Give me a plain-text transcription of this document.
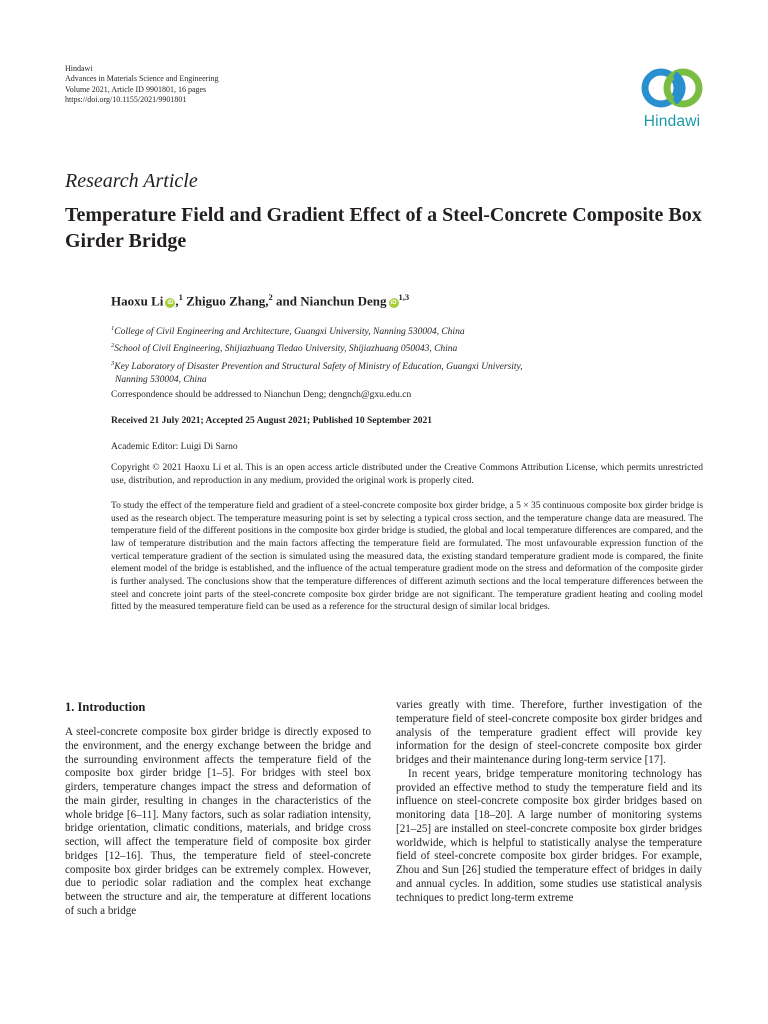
Hindawi
Advances in Materials Science and Engineering
Volume 2021, Article ID 9901801, 16 pages
https://doi.org/10.1155/2021/9901801
Hindawi
Research Article
Temperature Field and Gradient Effect of a Steel-Concrete Composite Box Girder Bridge
Haoxu Li iD ,$^1$ Zhiguo Zhang,$^2$ and Nianchun Deng iD$^{1,3}$
$^1$College of Civil Engineering and Architecture, Guangxi University, Nanning 530004, China
$^2$School of Civil Engineering, Shijiazhuang Tiedao University, Shijiazhuang 050043, China
$^3$Key Laboratory of Disaster Prevention and Structural Safety of Ministry of Education, Guangxi University,
Nanning 530004, China
Correspondence should be addressed to Nianchun Deng; dengnch@gxu.edu.cn
Received 21 July 2021; Accepted 25 August 2021; Published 10 September 2021
Academic Editor: Luigi Di Sarno

Copyright © 2021 Haoxu Li et al. This is an open access article distributed under the Creative Commons Attribution License, which permits unrestricted use, distribution, and reproduction in any medium, provided the original work is properly cited.

To study the effect of the temperature field and gradient of a steel-concrete composite box girder bridge, a 5 × 35 continuous composite box girder bridge is used as the research object. The temperature measuring point is set by selecting a typical cross section, and the temperature change data are measured. The temperature field of the different positions in the composite box girder bridge is studied, the global and local temperature differences are compared, and the law of temperature distribution and the main factors affecting the temperature field are formulated. The most unfavourable expression function of the vertical temperature gradient of the section is simulated using the measured data, the existing standard temperature gradient mode is compared, the finite element model of the bridge is established, and the influence of the actual temperature gradient mode on the stress and deformation of the composite girder is further analysed. The conclusions show that the temperature differences of different azimuth sections and the local temperature differences between the steel and concrete joint parts of the steel-concrete composite box girder bridge are not significant. The temperature gradient heating and cooling model fitted by the measured temperature field can be used as a reference for the structural design of similar local bridges.

1. Introduction

A steel-concrete composite box girder bridge is directly exposed to the environment, and the energy exchange between the bridge and the surrounding environment affects the temperature field of the composite box girder bridge [1–5]. For bridges with steel box girders, temperature changes impact the stress and deformation of the main girder, resulting in changes in the characteristics of the whole bridge [6–11]. Many factors, such as solar radiation intensity, bridge orientation, climatic conditions, materials, and bridge cross section, will affect the temperature field of composite box girder bridges [12–16]. Thus, the temperature field of steel-concrete composite box girder bridges can be extremely complex. However, due to periodic solar radiation and the complex heat exchange between the structure and air, the temperature at different locations of such a bridge

varies greatly with time. Therefore, further investigation of the temperature field of steel-concrete composite box girder bridges and analysis of the temperature gradient effect will provide key information for the design of steel-concrete composite box girder bridges and their maintenance during long-term service [17].

In recent years, bridge temperature monitoring technology has provided an effective method to study the temperature field and its influence on steel-concrete composite box girder bridges based on monitoring data [18–20]. A large number of monitoring systems [21–25] are installed on steel-concrete composite box girder bridges worldwide, which is helpful to statistically analyse the temperature field of steel-concrete composite box girder bridges. For example, Zhou and Sun [26] studied the temperature effect of bridges in daily and annual cycles. In addition, some studies use statistical analysis techniques to predict long-term extreme
